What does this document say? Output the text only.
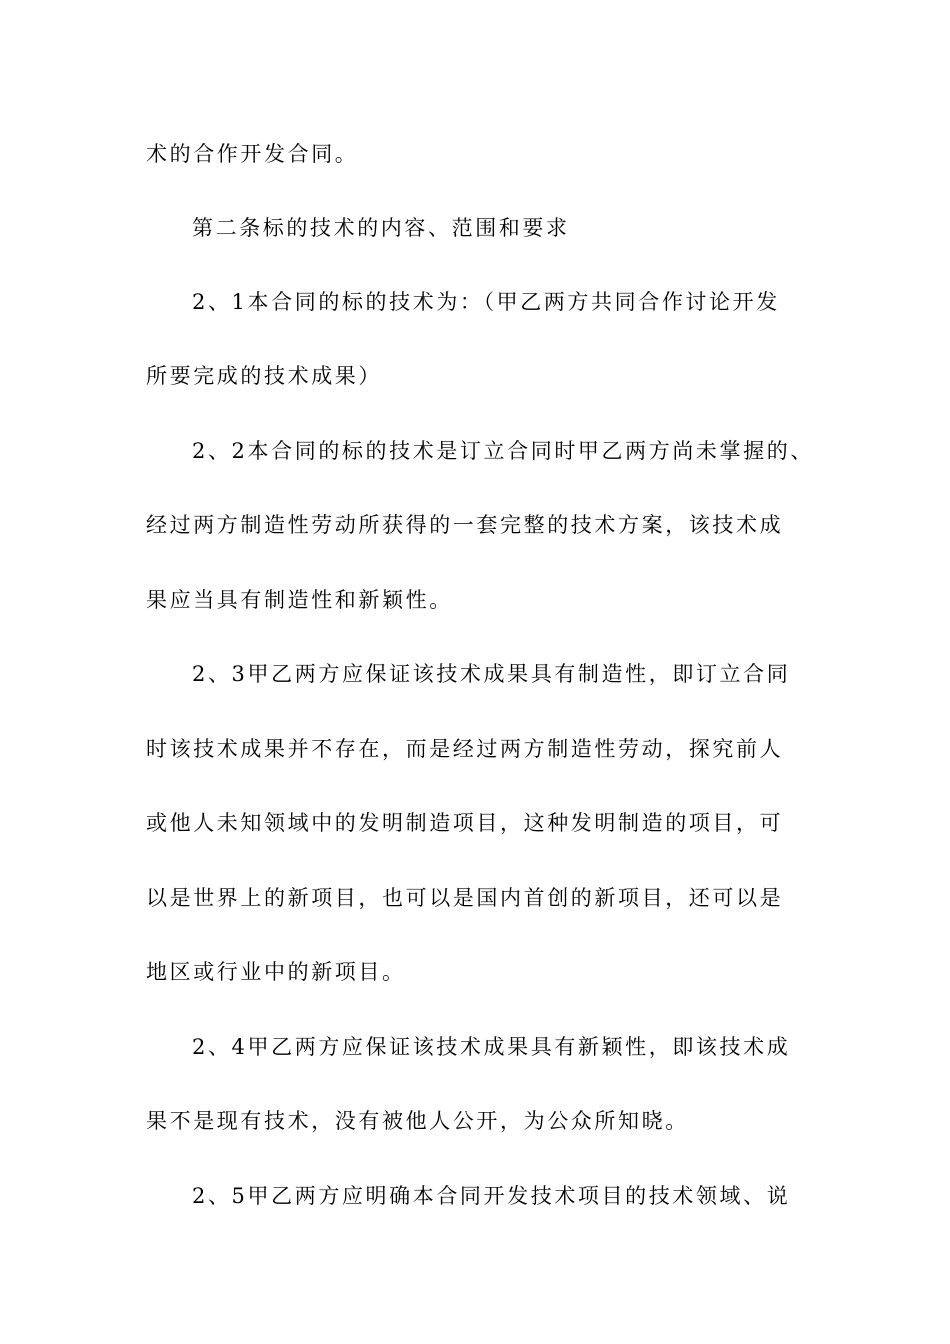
术的合作开发合同。
第二条标的技术的内容、范围和要求
2、1本合同的标的技术为：（甲乙两方共同合作讨论开发
所要完成的技术成果）
2、2本合同的标的技术是订立合同时甲乙两方尚未掌握的、
经过两方制造性劳动所获得的一套完整的技术方案，该技术成
果应当具有制造性和新颖性。
2、3甲乙两方应保证该技术成果具有制造性，即订立合同
时该技术成果并不存在，而是经过两方制造性劳动，探究前人
或他人未知领域中的发明制造项目，这种发明制造的项目，可
以是世界上的新项目，也可以是国内首创的新项目，还可以是
地区或行业中的新项目。
2、4甲乙两方应保证该技术成果具有新颖性，即该技术成
果不是现有技术，没有被他人公开，为公众所知晓。
2、5甲乙两方应明确本合同开发技术项目的技术领域、说
